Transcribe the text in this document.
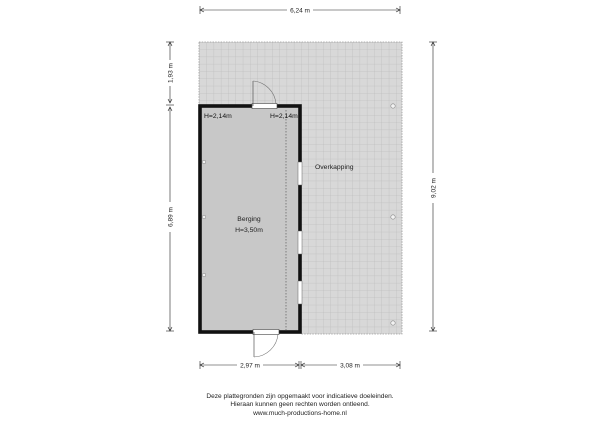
6,24 m
1,93 m
6,89 m
9,02 m
2,97 m	3,08 m
Berging
H=3,50m
Overkapping
H=2,14m	H=2,14m
Deze plattegronden zijn opgemaakt voor indicatieve doeleinden.
Hieraan kunnen geen rechten worden ontleend.
www.much-productions-home.nl
